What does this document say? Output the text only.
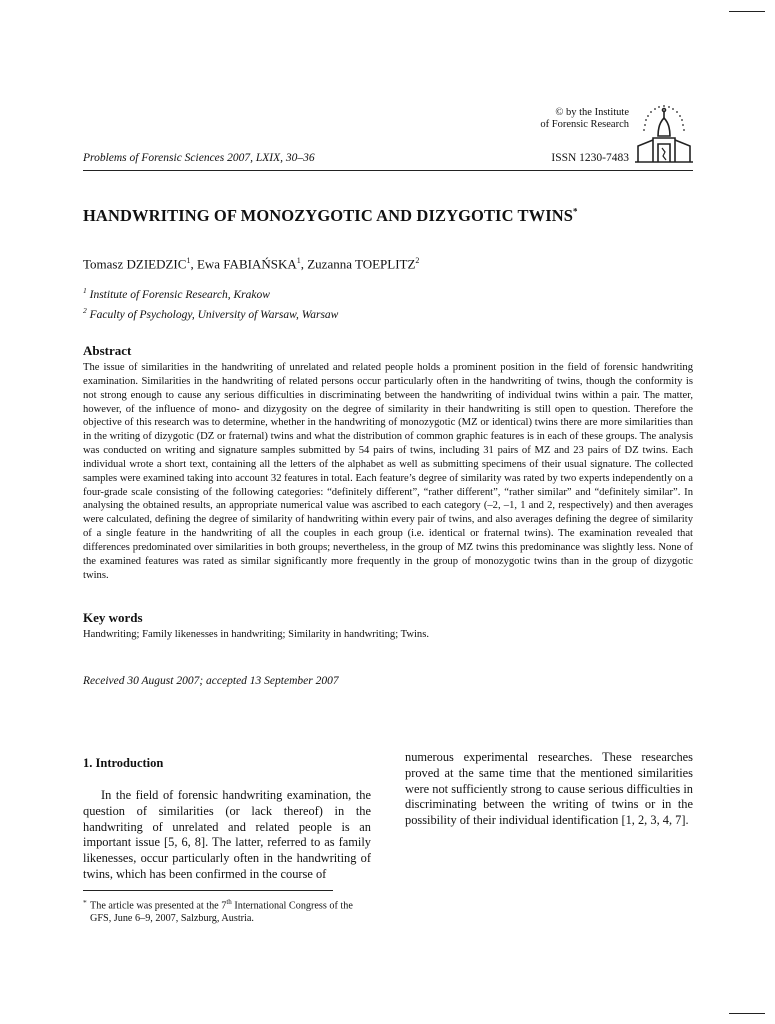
© by the Institute
of Forensic Research
Problems of Forensic Sciences 2007, LXIX, 30–36	ISSN 1230-7483
HANDWRITING OF MONOZYGOTIC AND DIZYGOTIC TWINS*
Tomasz DZIEDZIC$^1$, Ewa FABIAŃSKA$^1$, Zuzanna TOEPLITZ$^2$
$^1$ Institute of Forensic Research, Krakow
$^2$ Faculty of Psychology, University of Warsaw, Warsaw
Abstract
The issue of similarities in the handwriting of unrelated and related people holds a prominent position in the field of forensic handwriting examination. Similarities in the handwriting of related persons occur particularly often in the handwriting of twins, though the conformity is not strong enough to cause any serious difficulties in discriminating between the handwriting of individual twins within a pair. The matter, however, of the influence of mono- and dizygosity on the degree of similarity in their handwriting is still open to question. Therefore the objective of this research was to determine, whether in the handwriting of monozygotic (MZ or identical) twins there are more similarities than in the writing of dizygotic (DZ or fraternal) twins and what the distribution of common graphic features is in each of these groups. The analysis was conducted on writing and signature samples submitted by 54 pairs of twins, including 31 pairs of MZ and 23 pairs of DZ twins. Each individual wrote a short text, containing all the letters of the alphabet as well as submitting specimens of their usual signature. The collected samples were examined taking into account 32 features in total. Each feature’s degree of similarity was rated by two experts independently on a four-grade scale consisting of the following categories: “definitely different”, “rather different”, “rather similar” and “definitely similar”. In analysing the obtained results, an appropriate numerical value was ascribed to each category (–2, –1, 1 and 2, respectively) and then averages were calculated, defining the degree of similarity of handwriting within every pair of twins, and also averages defining the degree of similarity of a single feature in the handwriting of all the couples in each group (i.e. identical or fraternal twins). The examination revealed that differences predominated over similarities in both groups; nevertheless, in the group of MZ twins this predominance was slightly less. None of the examined features was rated as similar significantly more frequently in the group of monozygotic twins than in the group of dizygotic twins.
Key words
Handwriting; Family likenesses in handwriting; Similarity in handwriting; Twins.
Received 30 August 2007; accepted 13 September 2007
1. Introduction

In the field of forensic handwriting examination, the question of similarities (or lack thereof) in the handwriting of unrelated and related people is an important issue [5, 6, 8]. The latter, referred to as family likenesses, occur particularly often in the handwriting of twins, which has been confirmed in the course of

numerous experimental researches. These researches proved at the same time that the mentioned similarities were not sufficiently strong to cause serious difficulties in discriminating between the writing of twins or in the possibility of their individual identification [1, 2, 3, 4, 7].

* The article was presented at the 7th International Congress of the GFS, June 6–9, 2007, Salzburg, Austria.
